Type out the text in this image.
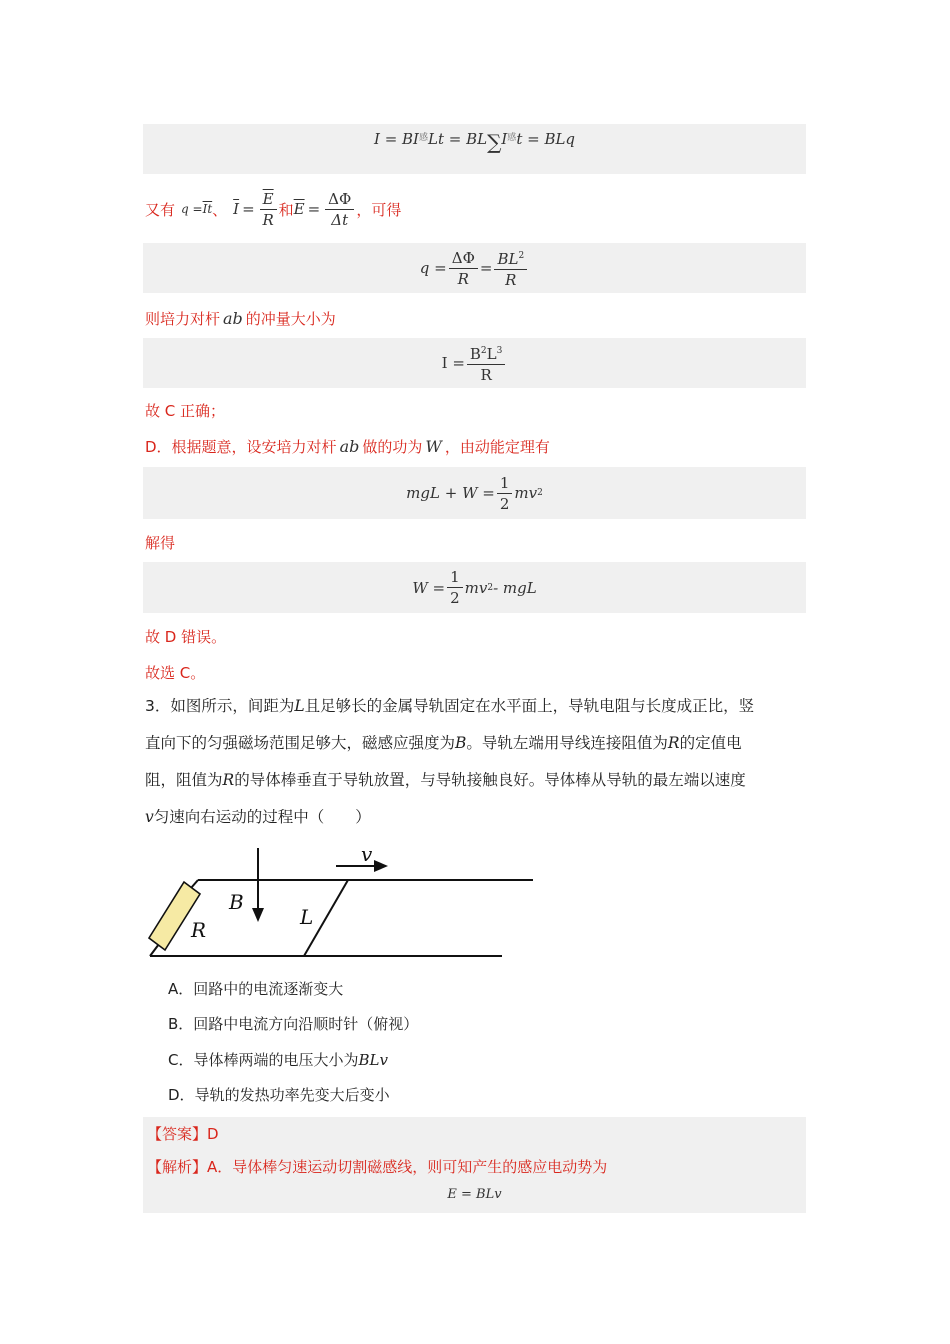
I
= BI 感 Lt = BL ∑ I 感 t = BLq
又有 $q = \overline{It}$ 、 $\overline{I} = \frac{\overline{E}}{R}$ 和 $\overline{E} = \frac{\Delta\Phi}{\Delta t}$ ，可得
$q = \frac{\Delta\Phi}{R} = \frac{BL^2}{R}$
则培力对杆 ab 的冲量大小为
$I = \frac{B^2L^3}{R}$
故 C 正确；
D．根据题意，设安培力对杆 ab 做的功为 W ，由动能定理有
mgL + $W = \frac{1}{2}$ mv 2
解得
$W = \frac{1}{2}$ mv 2 - mgL
故 D 错误。
故选 C。
3．如图所示，间距为L且足够长的金属导轨固定在水平面上，导轨电阻与长度成正比，竖
直向下的匀强磁场范围足够大，磁感应强度为B。导轨左端用导线连接阻值为R的定值电
阻，阻值为R的导体棒垂直于导轨放置，与导轨接触良好。导体棒从导轨的最左端以速度
v匀速向右运动的过程中（　　）
v
B
L
R
A．回路中的电流逐渐变大
B．回路中电流方向沿顺时针（俯视）
C．导体棒两端的电压大小为BLv
D．导轨的发热功率先变大后变小
【答案】D
【解析】A．导体棒匀速运动切割磁感线，则可知产生的感应电动势为
E = BLv
